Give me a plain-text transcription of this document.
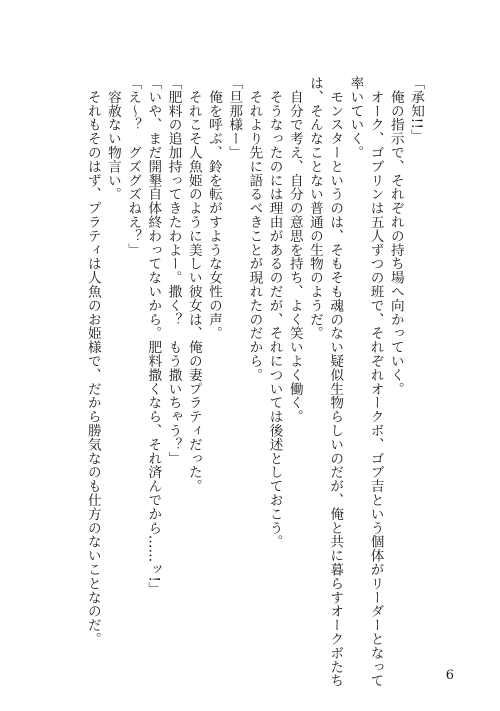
「承知!!」
　俺の指示で、それぞれの持ち場へ向かっていく。
　オーク、ゴブリンは五人ずつの班で、それぞれオークボ、ゴブ吉という個体がリーダーとなって
率いていく。
　モンスターというのは、そもそも魂のない疑似生物らしいのだが、俺と共に暮らすオークボたち
は、そんなことない普通の生物のようだ。
　自分で考え、自分の意思を持ち、よく笑いよく働く。
　そうなったのには理由があるのだが、それについては後述としておこう。
　それより先に語るべきことが現れたのだから。
「旦那様ー」
　俺を呼ぶ、鈴を転がすような女性の声。
　それこそ人魚姫のように美しい彼女は、俺の妻プラティだった。
「肥料の追加持ってきたわよー。撒く？　もう撒いちゃう？」
「いや、まだ開墾自体終わってないから。肥料撒くなら、それ済んでから……ッ!」
「え～？　グズグズねえ？」
　容赦ない物言い。
　それもそのはず、プラティは人魚のお姫様で、だから勝気なのも仕方のないことなのだ。
6
